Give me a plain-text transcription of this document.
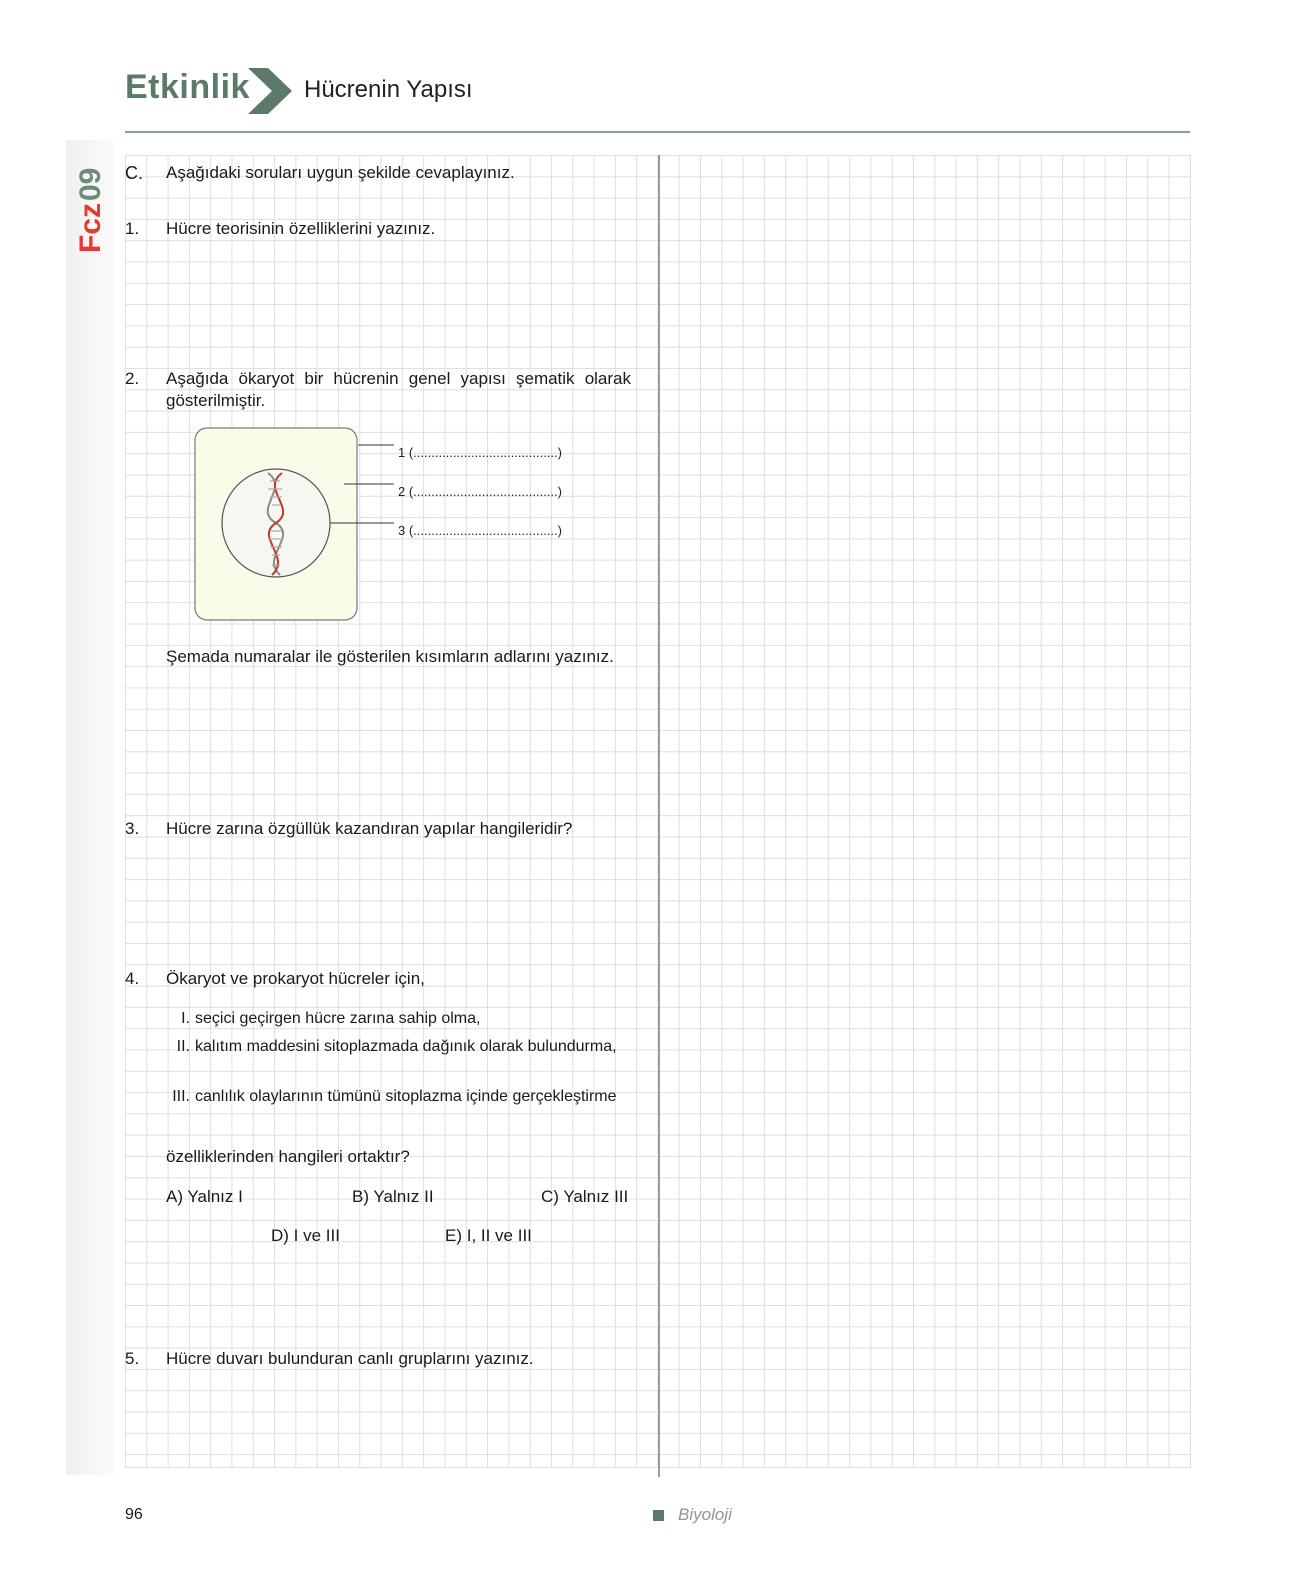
Etkinlik Hücrenin Yapısı
Fcz
09 C. Aşağıdaki soruları uygun şekilde cevaplayınız.
1. Hücre teorisinin özelliklerini yazınız.
2. Aşağıda ökaryot bir hücrenin genel yapısı şematik olarak gösterilmiştir.
1 (........................................)
2 (........................................)
3 (........................................)
Şemada numaralar ile gösterilen kısımların adlarını yazınız.
3. Hücre zarına özgüllük kazandıran yapılar hangileridir?
4. Ökaryot ve prokaryot hücreler için,
I. seçici geçirgen hücre zarına sahip olma,
II. kalıtım maddesini sitoplazmada dağınık olarak bulundurma,
III. canlılık olaylarının tümünü sitoplazma içinde gerçekleştirme
özelliklerinden hangileri ortaktır?
A) Yalnız I	B) Yalnız II	C) Yalnız III
D) I ve III	E) I, II ve III
5. Hücre duvarı bulunduran canlı gruplarını yazınız.
96	Biyoloji
